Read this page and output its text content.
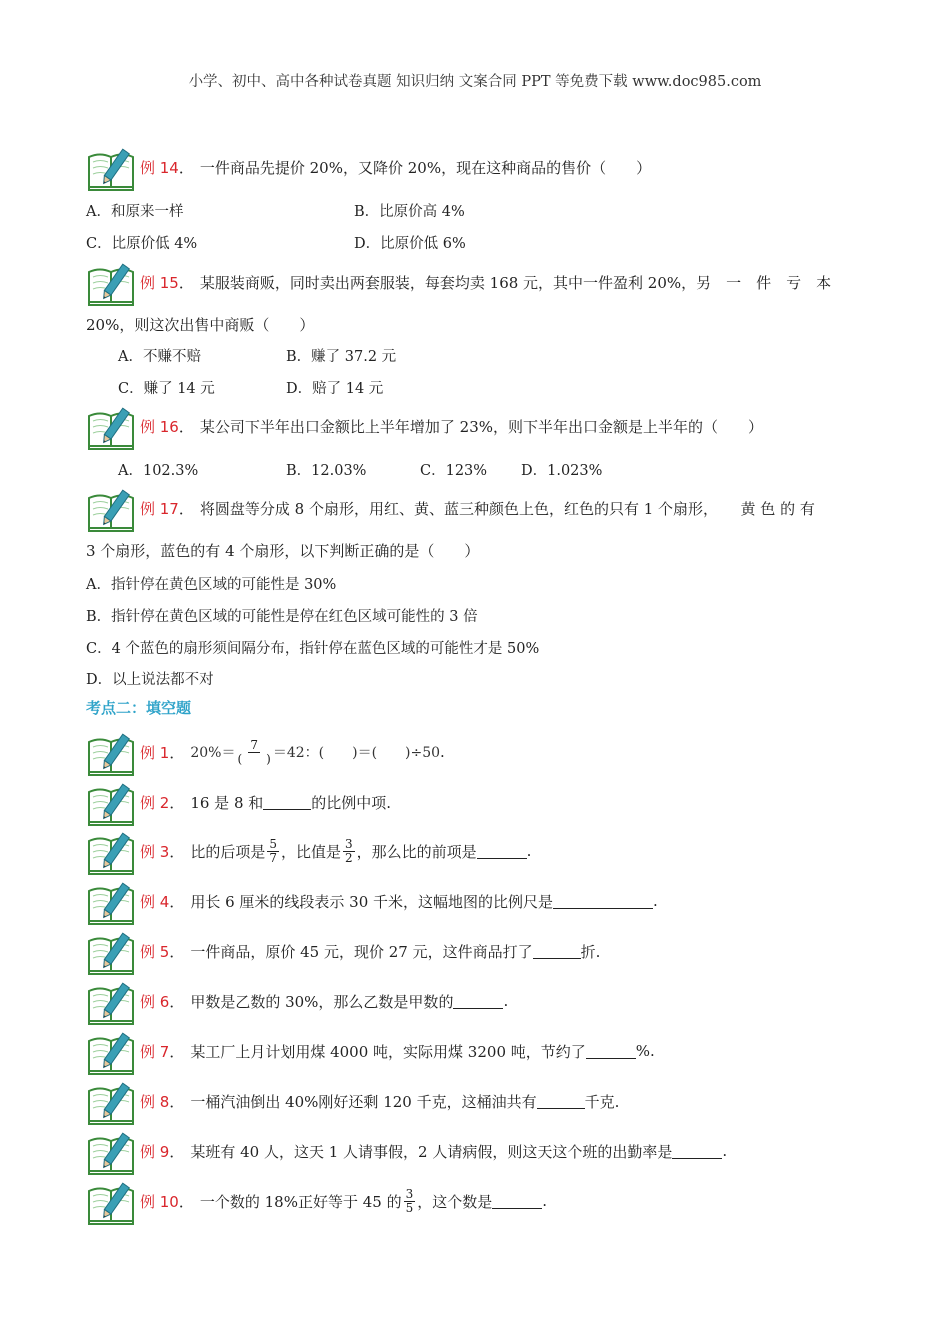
小学、初中、高中各种试卷真题 知识归纳 文案合同 PPT 等免费下载 www.doc985.com
例 14 ． 一件商品先提价 20%，又降价 20%，现在这种商品的售价（　　）
A．和原来一样	B．比原价高 4%
C．比原价低 4%	D．比原价低 6%
例 15 ． 某服装商贩，同时卖出两套服装，每套均卖 168 元，其中一件盈利 20%，另　一　件　亏　本
20%，则这次出售中商贩（　　）
A．不赚不赔	B．赚了 37.2 元
C．赚了 14 元	D．赔了 14 元
例 16 ． 某公司下半年出口金额比上半年增加了 23%，则下半年出口金额是上半年的（　　）
A．102.3%	B．12.03%	C．123% D．1.023%
例 17 ． 将圆盘等分成 8 个扇形，用红、黄、蓝三种颜色上色，红色的只有 1 个扇形，　　黄 色 的 有
3 个扇形，蓝色的有 4 个扇形，以下判断正确的是（　　）
A．指针停在黄色区域的可能性是 30%
B．指针停在黄色区域的可能性是停在红色区域可能性的 3 倍
C．4 个蓝色的扇形须间隔分布，指针停在蓝色区域的可能性才是 50%
D．以上说法都不对
考点二：填空题
例 1 ． $20\%= \frac{7}{( )} =42$：(　　)＝(　　)÷50 .
例 2 ． 16 是 8 和	的比例中项.
例 3 ． 比的后项是 $\frac{5}{7}$ ，比值是 $\frac{3}{2}$ ，那么比的前项是	.
例 4 ． 用长 6 厘米的线段表示 30 千米，这幅地图的比例尺是	.
例 5 ． 一件商品，原价 45 元，现价 27 元，这件商品打了	折.
例 6 ． 甲数是乙数的 30%，那么乙数是甲数的	.
例 7 ． 某工厂上月计划用煤 4000 吨，实际用煤 3200 吨，节约了	%.
例 8 ． 一桶汽油倒出 40%刚好还剩 120 千克，这桶油共有	千克.
例 9 ． 某班有 40 人，这天 1 人请事假，2 人请病假，则这天这个班的出勤率是	.
例 10 ． 一个数的 18%正好等于 45 的 $\frac{3}{5}$ ，这个数是	.
